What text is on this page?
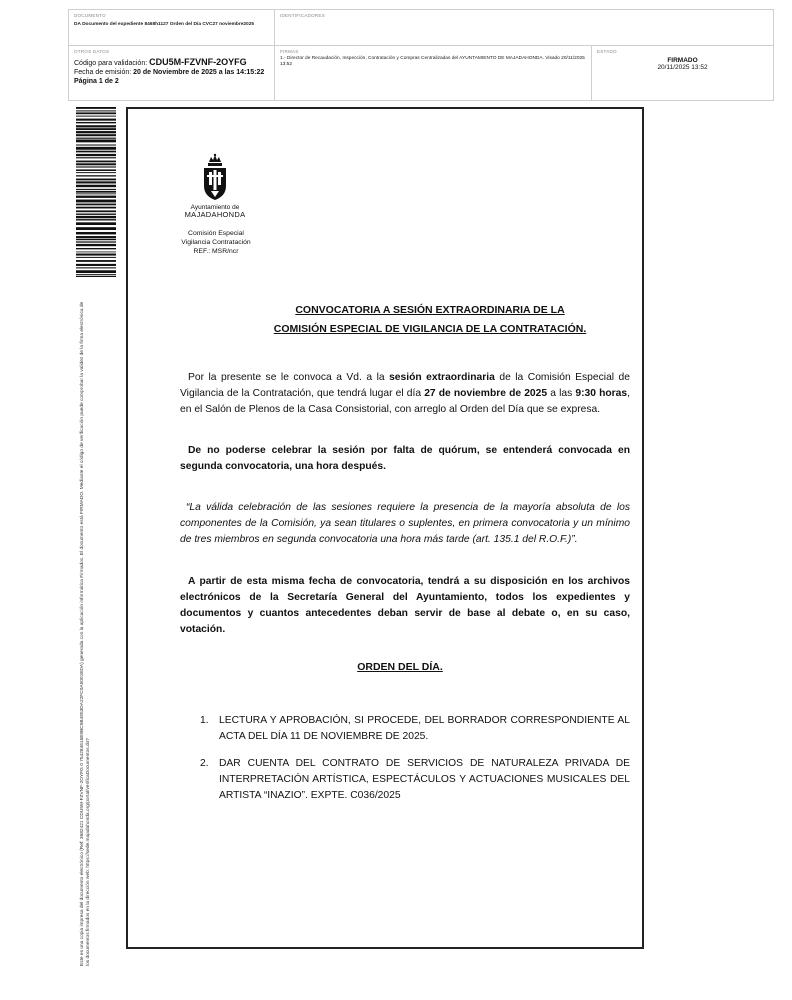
DOCUMENTO
DA Documento del expediente 8468h1127 Orden del Día CVC27 noviembre2025
IDENTIFICADORES
OTROS DATOS
Código para validación: CDU5M-FZVNF-2OYFG
Fecha de emisión: 20 de Noviembre de 2025 a las 14:15:22
Página 1 de 2
FIRMAS
1.- Director de Recaudación, Inspección, Contratación y Compras Centralizadas del AYUNTAMIENTO DE MAJADAHONDA. Visado 20/11/2025 13:52
ESTADO
FIRMADO
20/11/2025 13:52
Este es una copia impresa del documento electrónico (Ref: 3682421 CDU5M-FZVNF-2OYFG 0 754284616E9BC5B4953DA22FC0A5001EDA) generada con la aplicación informática Firmadoc. El documento está FIRMADO. Mediante el código de verificación puede comprobar la validez de la firma electrónica de los documentos firmados en la dirección web: https://sede.majadahonda.org/portal/verificaDocumentos.do?
Ayuntamiento de
MAJADAHONDA
Comisión Especial
Vigilancia Contratación
REF.: MSR/ncr
CONVOCATORIA A SESIÓN EXTRAORDINARIA DE LA
COMISIÓN ESPECIAL DE VIGILANCIA DE LA CONTRATACIÓN.
Por la presente se le convoca a Vd. a la sesión extraordinaria de la Comisión Especial de Vigilancia de la Contratación, que tendrá lugar el día 27 de noviembre de 2025 a las 9:30 horas, en el Salón de Plenos de la Casa Consistorial, con arreglo al Orden del Día que se expresa.
De no poderse celebrar la sesión por falta de quórum, se entenderá convocada en segunda convocatoria, una hora después.
“La válida celebración de las sesiones requiere la presencia de la mayoría absoluta de los componentes de la Comisión, ya sean titulares o suplentes, en primera convocatoria y un mínimo de tres miembros en segunda convocatoria una hora más tarde (art. 135.1 del R.O.F.)”.
A partir de esta misma fecha de convocatoria, tendrá a su disposición en los archivos electrónicos de la Secretaría General del Ayuntamiento, todos los expedientes y documentos y cuantos antecedentes deban servir de base al debate o, en su caso, votación.
ORDEN DEL DÍA.
1.	LECTURA Y APROBACIÓN, SI PROCEDE, DEL BORRADOR CORRESPONDIENTE AL ACTA DEL DÍA 11 DE NOVIEMBRE DE 2025.
2.	DAR CUENTA DEL CONTRATO DE SERVICIOS DE NATURALEZA PRIVADA DE INTERPRETACIÓN ARTÍSTICA, ESPECTÁCULOS Y ACTUACIONES MUSICALES DEL ARTISTA “INAZIO”. EXPTE. C036/2025
